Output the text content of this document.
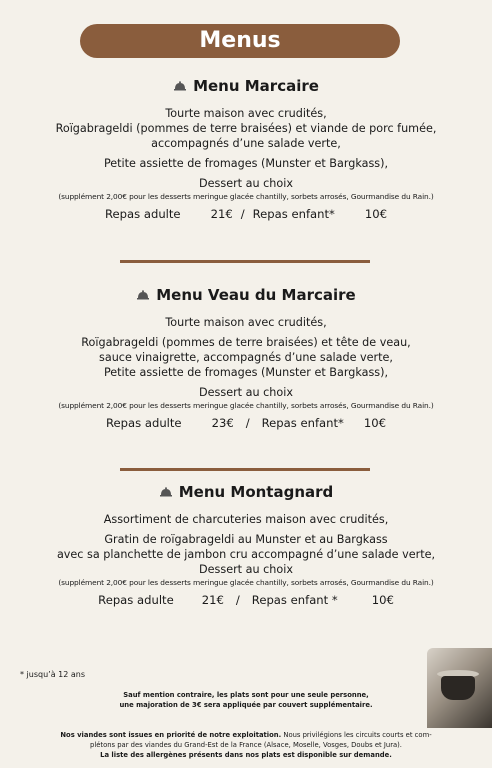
Menus
Menu Marcaire
Tourte maison avec crudités,
Roïgabrageldi (pommes de terre braisées) et viande de porc fumée,
accompagnés d’une salade verte,
Petite assiette de fromages (Munster et Bargkass),
Dessert au choix
(supplément 2,00€ pour les desserts meringue glacée chantilly, sorbets arrosés, Gourmandise du Rain.)
Repas adulte	21€ / Repas enfant*	10€
Menu Veau du Marcaire
Tourte maison avec crudités,
Roïgabrageldi (pommes de terre braisées) et tête de veau,
sauce vinaigrette, accompagnés d’une salade verte,
Petite assiette de fromages (Munster et Bargkass),
Dessert au choix
(supplément 2,00€ pour les desserts meringue glacée chantilly, sorbets arrosés, Gourmandise du Rain.)
Repas adulte	23€ / Repas enfant* 10€
Menu Montagnard
Assortiment de charcuteries maison avec crudités,
Gratin de roïgabrageldi au Munster et au Bargkass
avec sa planchette de jambon cru accompagné d’une salade verte,
Dessert au choix
(supplément 2,00€ pour les desserts meringue glacée chantilly, sorbets arrosés, Gourmandise du Rain.)
Repas adulte 21€ / Repas enfant *	10€
* jusqu’à 12 ans
Sauf mention contraire, les plats sont pour une seule personne,
une majoration de 3€ sera appliquée par couvert supplémentaire.
Nos viandes sont issues en priorité de notre exploitation. Nous privilégions les circuits courts et com-
plétons par des viandes du Grand-Est de la France (Alsace, Moselle, Vosges, Doubs et Jura).
La liste des allergènes présents dans nos plats est disponible sur demande.
